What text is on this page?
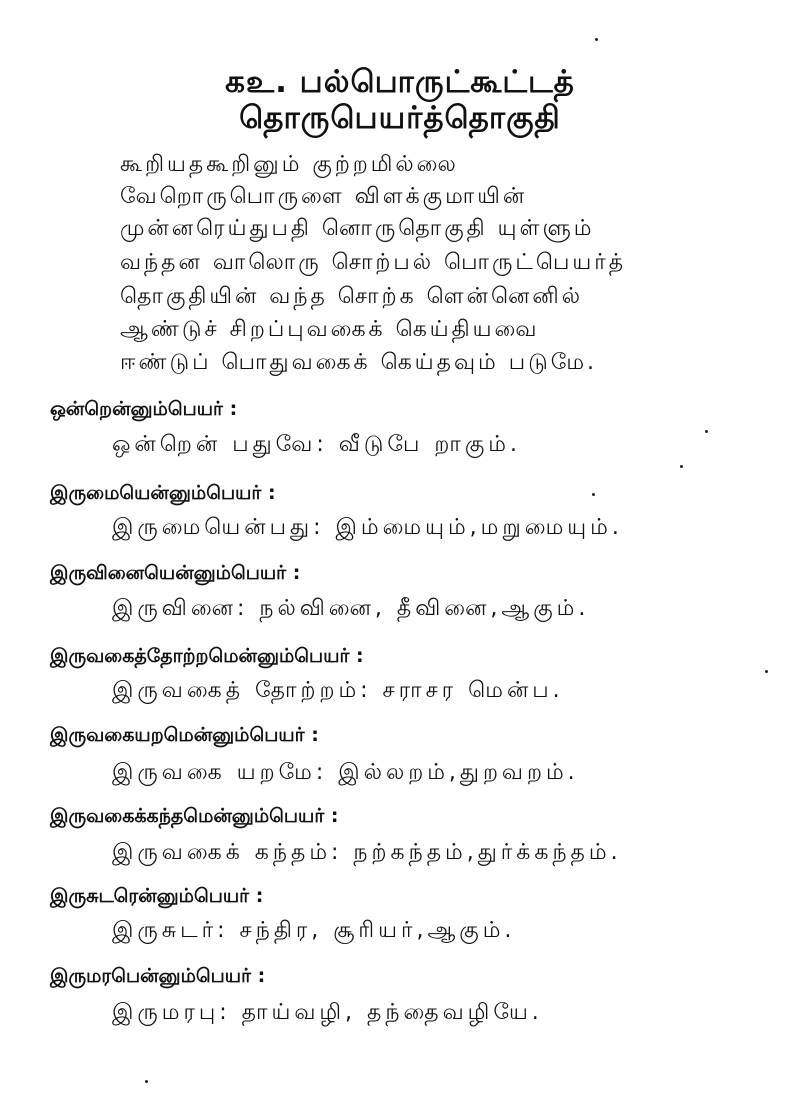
கஉ. பல்பொருட்கூட்டத்
தொருபெயர்த்தொகுதி
கூறியதகூறினும் குற்றமில்லை
வேறொருபொருளை விளக்குமாயின்
முன்னரெய்துபதி னொருதொகுதி யுள்ளும்
வந்தன வாலொரு சொற்பல் பொருட்பெயர்த்
தொகுதியின் வந்த சொற்க ளென்னெனில்
ஆண்டுச் சிறப்புவகைக் கெய்தியவை
ஈண்டுப் பொதுவகைக் கெய்தவும் படுமே.
ஒன்றென்னும்பெயர் :
ஒன்றென் பதுவே: வீடுபே றாகும்.
இருமையென்னும்பெயர் :
இருமையென்பது: இம்மையும்,மறுமையும்.
இருவினையென்னும்பெயர் :
இருவினை: நல்வினை, தீவினை,ஆகும்.
இருவகைத்தோற்றமென்னும்பெயர் :
இருவகைத் தோற்றம்: சராசர மென்ப.
இருவகையறமென்னும்பெயர் :
இருவகை யறமே: இல்லறம்,துறவறம்.
இருவகைக்கந்தமென்னும்பெயர் :
இருவகைக் கந்தம்: நற்கந்தம்,துர்க்கந்தம்.
இருசுடரென்னும்பெயர் :
இருசுடர்: சந்திர, சூரியர்,ஆகும்.
இருமரபென்னும்பெயர் :
இருமரபு: தாய்வழி, தந்தைவழியே.
